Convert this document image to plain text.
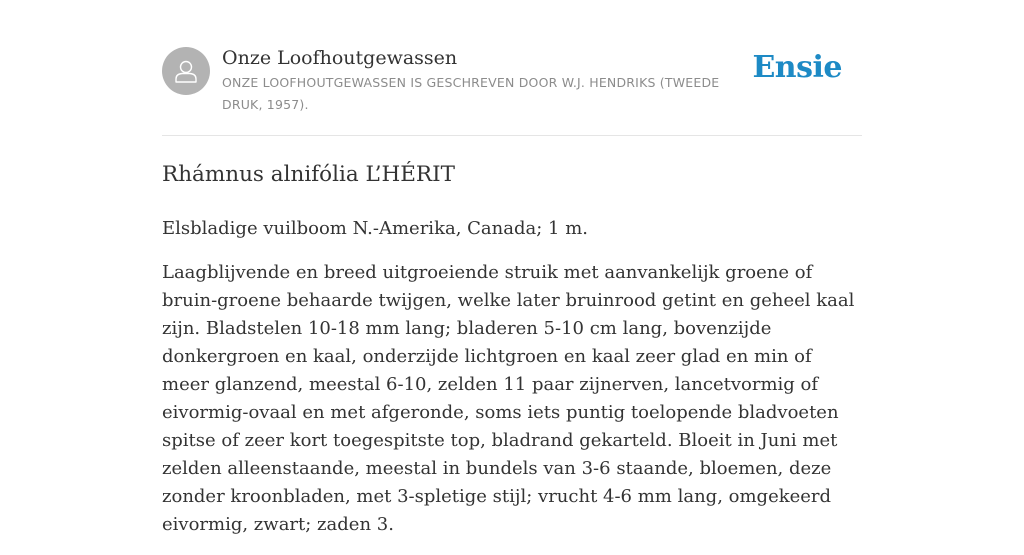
Onze Loofhoutgewassen
ONZE LOOFHOUTGEWASSEN IS GESCHREVEN DOOR W.J. HENDRIKS (TWEEDE DRUK, 1957).
Ensie
Rhámnus alnifólia L’HÉRIT

Elsbladige vuilboom N.-Amerika, Canada; 1 m.

Laagblijvende en breed uitgroeiende struik met aanvankelijk groene of bruin-groene behaarde twijgen, welke later bruinrood getint en geheel kaal zijn. Bladstelen 10-18 mm lang; bladeren 5-10 cm lang, bovenzijde donkergroen en kaal, onderzijde lichtgroen en kaal zeer glad en min of meer glanzend, meestal 6-10, zelden 11 paar zijnerven, lancetvormig of eivormig-ovaal en met afgeronde, soms iets puntig toelopende bladvoeten spitse of zeer kort toegespitste top, bladrand gekarteld. Bloeit in Juni met zelden alleenstaande, meestal in bundels van 3-6 staande, bloemen, deze zonder kroonbladen, met 3-spletige stijl; vrucht 4-6 mm lang, omgekeerd eivormig, zwart; zaden 3.
